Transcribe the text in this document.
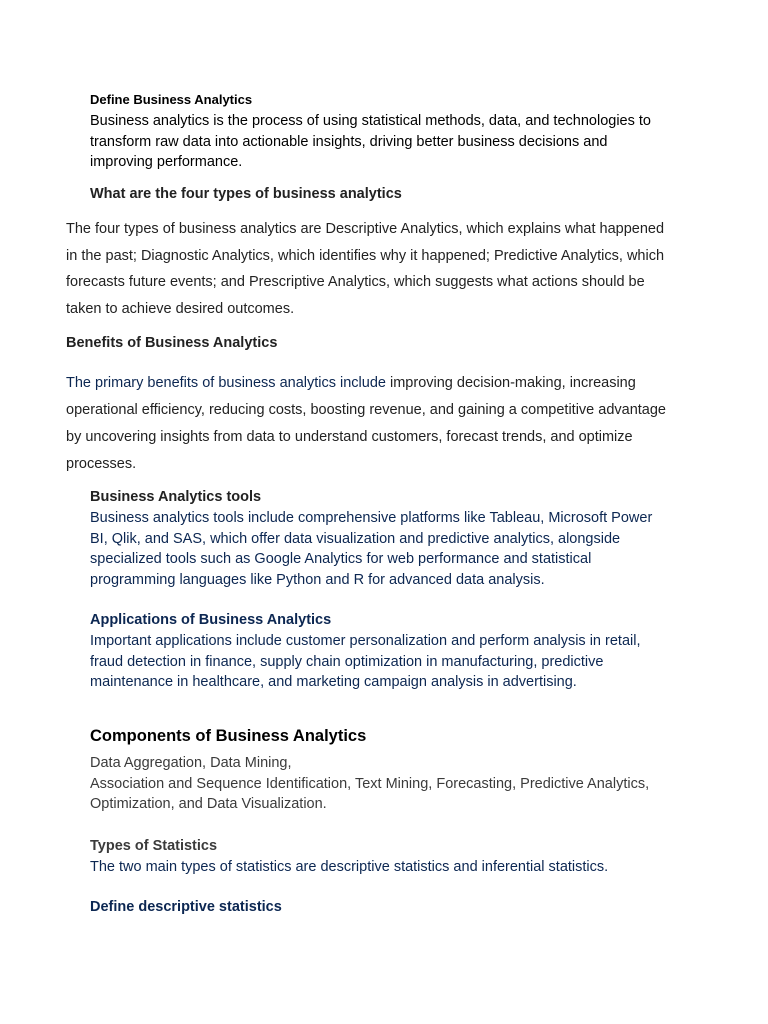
Define Business Analytics
Business analytics is the process of using statistical methods, data, and technologies to
transform raw data into actionable insights, driving better business decisions and
improving performance.
What are the four types of business analytics
The four types of business analytics are Descriptive Analytics, which explains what happened
in the past; Diagnostic Analytics, which identifies why it happened; Predictive Analytics, which
forecasts future events; and Prescriptive Analytics, which suggests what actions should be
taken to achieve desired outcomes.
Benefits of Business Analytics
The primary benefits of business analytics include improving decision-making, increasing
operational efficiency, reducing costs, boosting revenue, and gaining a competitive advantage
by uncovering insights from data to understand customers, forecast trends, and optimize
processes.
Business Analytics tools
Business analytics tools include comprehensive platforms like Tableau, Microsoft Power
BI, Qlik, and SAS, which offer data visualization and predictive analytics, alongside
specialized tools such as Google Analytics for web performance and statistical
programming languages like Python and R for advanced data analysis.
Applications of Business Analytics
Important applications include customer personalization and perform analysis in retail,
fraud detection in finance, supply chain optimization in manufacturing, predictive
maintenance in healthcare, and marketing campaign analysis in advertising.
Components of Business Analytics
Data Aggregation, Data Mining,
Association and Sequence Identification, Text Mining, Forecasting, Predictive Analytics,
Optimization, and Data Visualization.
Types of Statistics
The two main types of statistics are descriptive statistics and inferential statistics.
Define descriptive statistics
